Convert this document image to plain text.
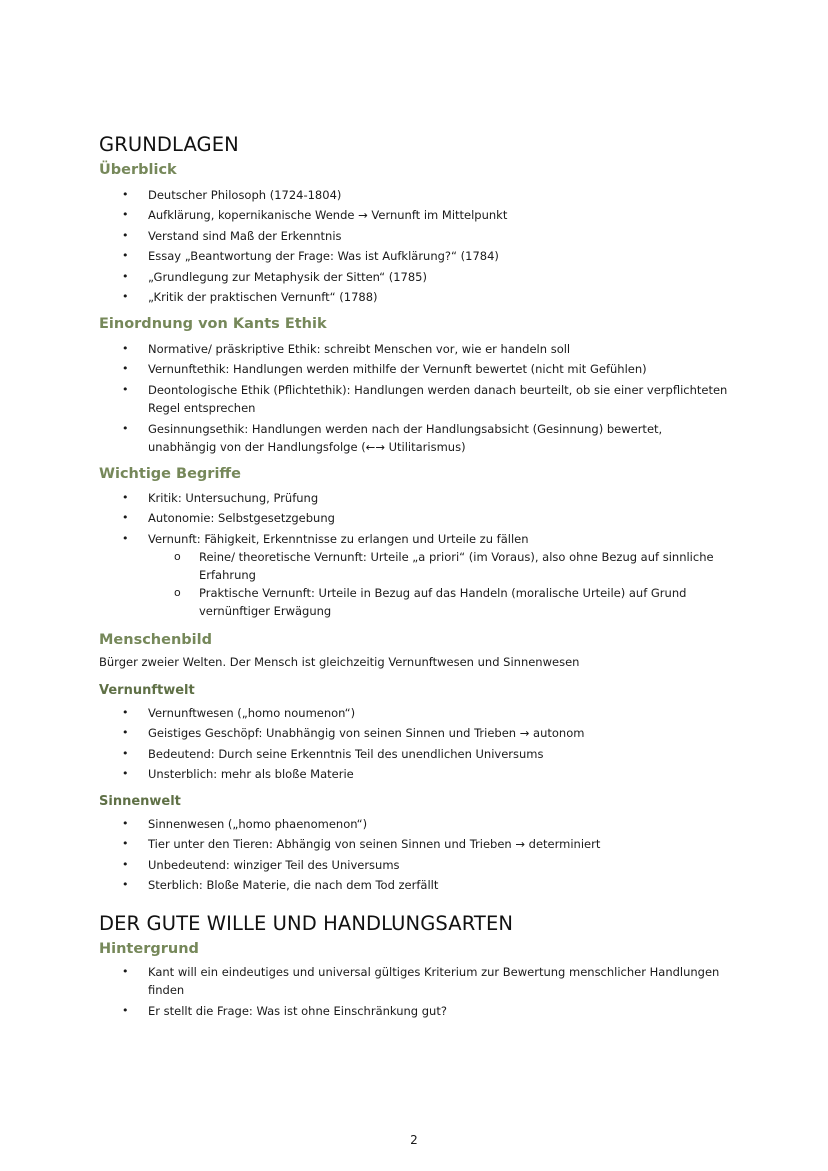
GRUNDLAGEN
Überblick
• Deutscher Philosoph (1724-1804)
• Aufklärung, kopernikanische Wende → Vernunft im Mittelpunkt
• Verstand sind Maß der Erkenntnis
• Essay „Beantwortung der Frage: Was ist Aufklärung?“ (1784)
• „Grundlegung zur Metaphysik der Sitten“ (1785)
• „Kritik der praktischen Vernunft“ (1788)
Einordnung von Kants Ethik
• Normative/ präskriptive Ethik: schreibt Menschen vor, wie er handeln soll
• Vernunftethik: Handlungen werden mithilfe der Vernunft bewertet (nicht mit Gefühlen)
• Deontologische Ethik (Pflichtethik): Handlungen werden danach beurteilt, ob sie einer verpflichteten Regel entsprechen
• Gesinnungsethik: Handlungen werden nach der Handlungsabsicht (Gesinnung) bewertet, unabhängig von der Handlungsfolge (←→ Utilitarismus)
Wichtige Begriffe
• Kritik: Untersuchung, Prüfung
• Autonomie: Selbstgesetzgebung
• Vernunft: Fähigkeit, Erkenntnisse zu erlangen und Urteile zu fällen
o Reine/ theoretische Vernunft: Urteile „a priori“ (im Voraus), also ohne Bezug auf sinnliche Erfahrung
o Praktische Vernunft: Urteile in Bezug auf das Handeln (moralische Urteile) auf Grund vernünftiger Erwägung
Menschenbild

Bürger zweier Welten. Der Mensch ist gleichzeitig Vernunftwesen und Sinnenwesen

Vernunftwelt
• Vernunftwesen („homo noumenon“)
• Geistiges Geschöpf: Unabhängig von seinen Sinnen und Trieben → autonom
• Bedeutend: Durch seine Erkenntnis Teil des unendlichen Universums
• Unsterblich: mehr als bloße Materie
Sinnenwelt
• Sinnenwesen („homo phaenomenon“)
• Tier unter den Tieren: Abhängig von seinen Sinnen und Trieben → determiniert
• Unbedeutend: winziger Teil des Universums
• Sterblich: Bloße Materie, die nach dem Tod zerfällt
DER GUTE WILLE UND HANDLUNGSARTEN
Hintergrund
• Kant will ein eindeutiges und universal gültiges Kriterium zur Bewertung menschlicher Handlungen finden
• Er stellt die Frage: Was ist ohne Einschränkung gut?
2
